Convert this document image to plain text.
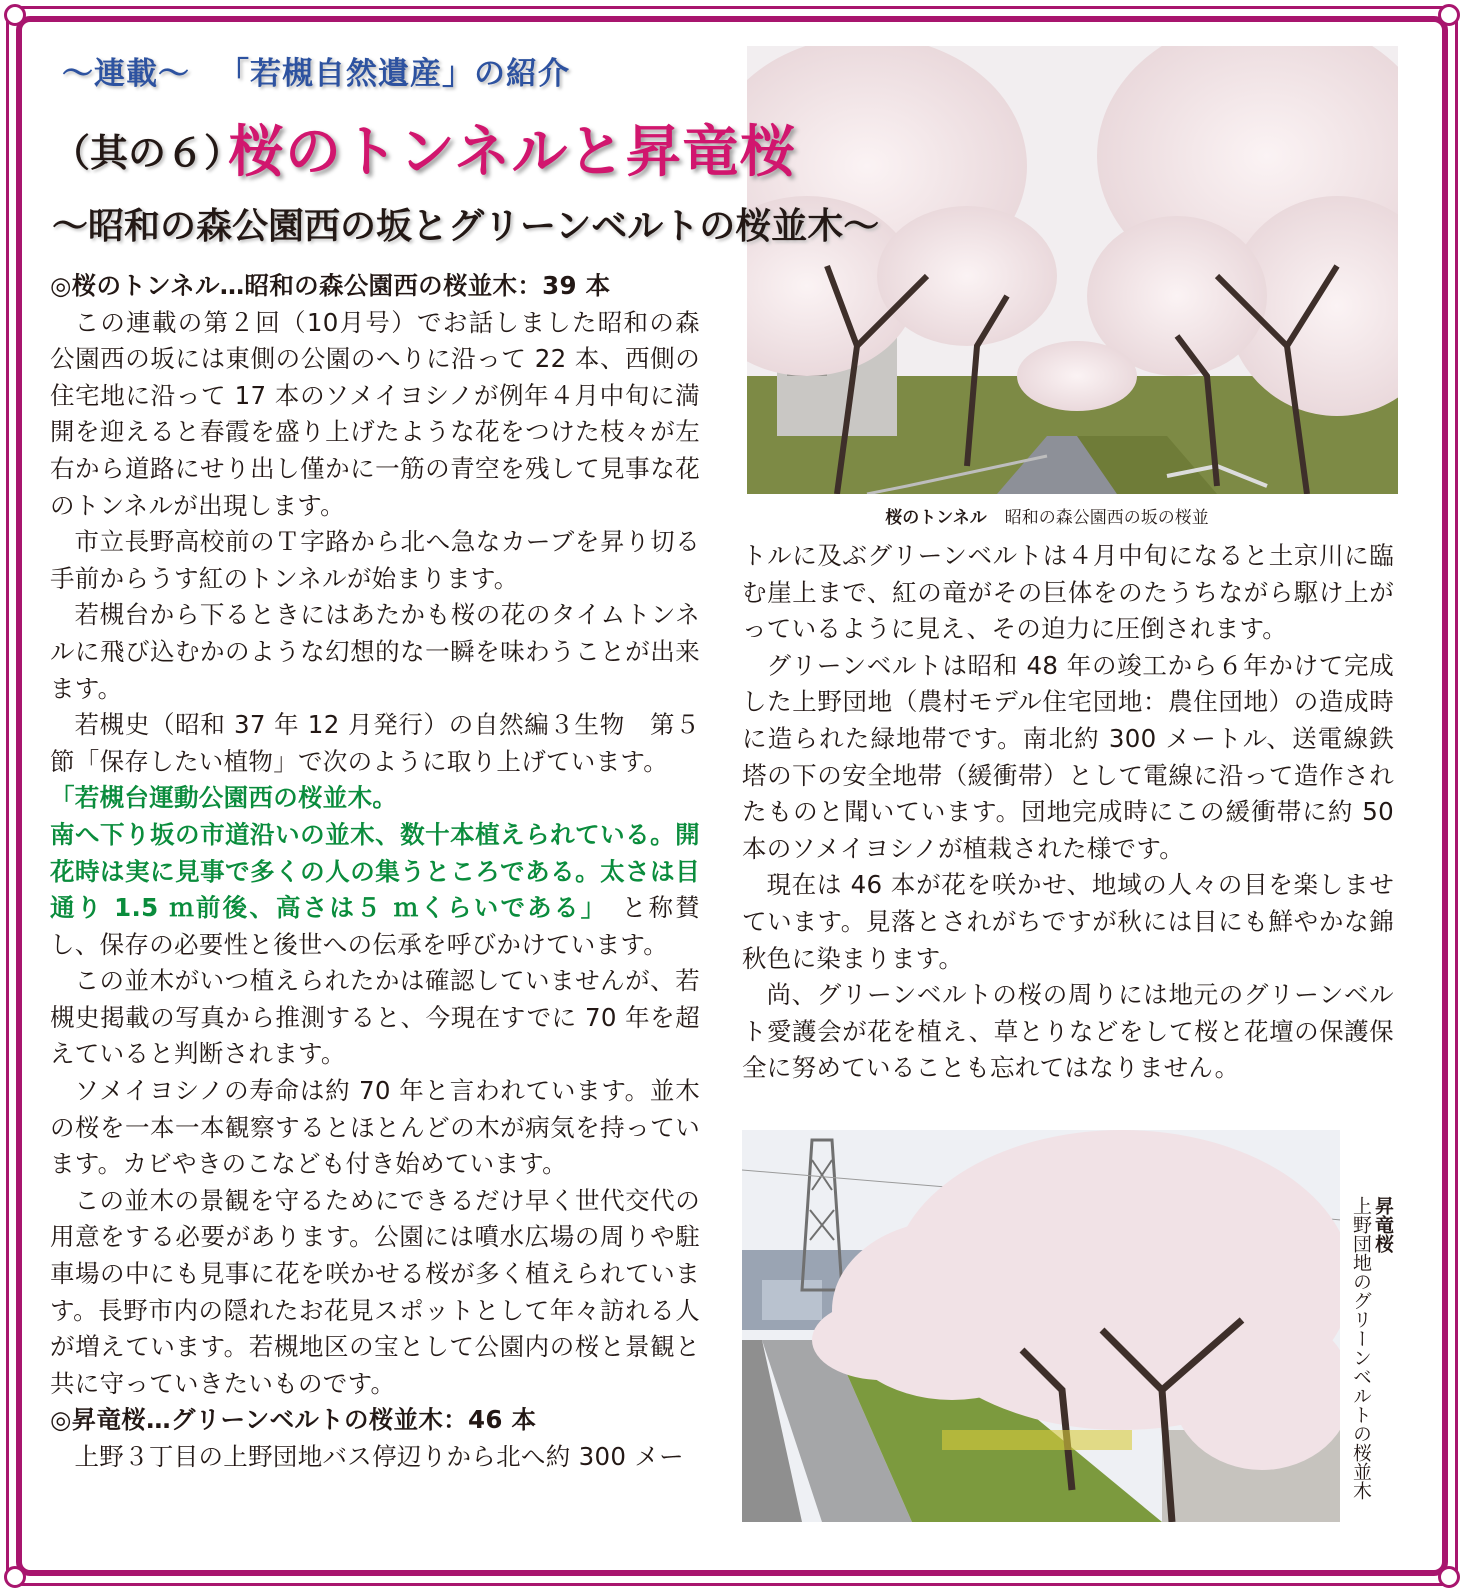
桜のトンネル 昭和の森公園西の坂の桜並
昇竜桜
上野団地のグリーンベルトの桜並木
～連載～ 「若槻自然遺産」の紹介
（其の６）
桜のトンネルと昇竜桜
～昭和の森公園西の坂とグリーンベルトの桜並木～

◎桜のトンネル…昭和の森公園西の桜並木：39 本

この連載の第２回（10月号）でお話しました昭和の森公園西の坂には東側の公園のへりに沿って 22 本、西側の住宅地に沿って 17 本のソメイヨシノが例年４月中旬に満開を迎えると春霞を盛り上げたような花をつけた枝々が左右から道路にせり出し僅かに一筋の青空を残して見事な花のトンネルが出現します。

市立長野高校前のＴ字路から北へ急なカーブを昇り切る手前からうす紅のトンネルが始まります。

若槻台から下るときにはあたかも桜の花のタイムトンネルに飛び込むかのような幻想的な一瞬を味わうことが出来ます。

若槻史（昭和 37 年 12 月発行）の自然編３生物　第５節「保存したい植物」で次のように取り上げています。

「若槻台運動公園西の桜並木。

南へ下り坂の市道沿いの並木、数十本植えられている。開花時は実に見事で多くの人の集うところである。太さは目通り 1.5 ｍ前後、高さは５ ｍくらいである」　 と称賛し、保存の必要性と後世への伝承を呼びかけています。

この並木がいつ植えられたかは確認していませんが、若槻史掲載の写真から推測すると、今現在すでに 70 年を超えていると判断されます。

ソメイヨシノの寿命は約 70 年と言われています。並木の桜を一本一本観察するとほとんどの木が病気を持っています。カビやきのこなども付き始めています。

この並木の景観を守るためにできるだけ早く世代交代の用意をする必要があります。公園には噴水広場の周りや駐車場の中にも見事に花を咲かせる桜が多く植えられています。長野市内の隠れたお花見スポットとして年々訪れる人が増えています。若槻地区の宝として公園内の桜と景観と共に守っていきたいものです。

◎昇竜桜…グリーンベルトの桜並木：46 本

上野３丁目の上野団地バス停辺りから北へ約 300 メー

トルに及ぶグリーンベルトは４月中旬になると土京川に臨む崖上まで、紅の竜がその巨体をのたうちながら駆け上がっているように見え、その迫力に圧倒されます。

グリーンベルトは昭和 48 年の竣工から６年かけて完成した上野団地（農村モデル住宅団地：農住団地）の造成時に造られた緑地帯です。南北約 300 メートル、送電線鉄塔の下の安全地帯（緩衝帯）として電線に沿って造作されたものと聞いています。団地完成時にこの緩衝帯に約 50 本のソメイヨシノが植栽された様です。

現在は 46 本が花を咲かせ、地域の人々の目を楽しませています。見落とされがちですが秋には目にも鮮やかな錦秋色に染まります。

尚、グリーンベルトの桜の周りには地元のグリーンベルト愛護会が花を植え、草とりなどをして桜と花壇の保護保全に努めていることも忘れてはなりません。
